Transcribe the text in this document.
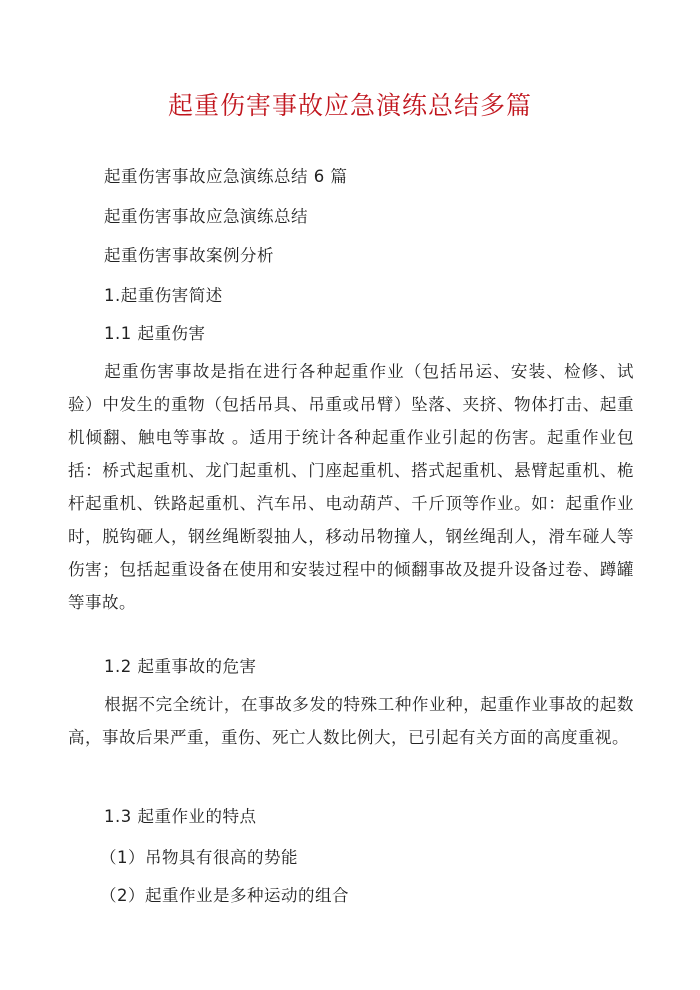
起重伤害事故应急演练总结多篇

起重伤害事故应急演练总结 6 篇

起重伤害事故应急演练总结

起重伤害事故案例分析

1.起重伤害简述

1.1 起重伤害

起重伤害事故是指在进行各种起重作业（包括吊运、安装、检修、试验）中发生的重物（包括吊具、吊重或吊臂）坠落、夹挤、物体打击、起重机倾翻、触电等事故 。适用于统计各种起重作业引起的伤害。起重作业包括：桥式起重机、龙门起重机、门座起重机、搭式起重机、悬臂起重机、桅杆起重机、铁路起重机、汽车吊、电动葫芦、千斤顶等作业。如：起重作业时，脱钩砸人，钢丝绳断裂抽人，移动吊物撞人，钢丝绳刮人，滑车碰人等伤害；包括起重设备在使用和安装过程中的倾翻事故及提升设备过卷、蹲罐等事故。

1.2 起重事故的危害

根据不完全统计，在事故多发的特殊工种作业种，起重作业事故的起数高，事故后果严重，重伤、死亡人数比例大，已引起有关方面的高度重视。

1.3 起重作业的特点

（1）吊物具有很高的势能

（2）起重作业是多种运动的组合
